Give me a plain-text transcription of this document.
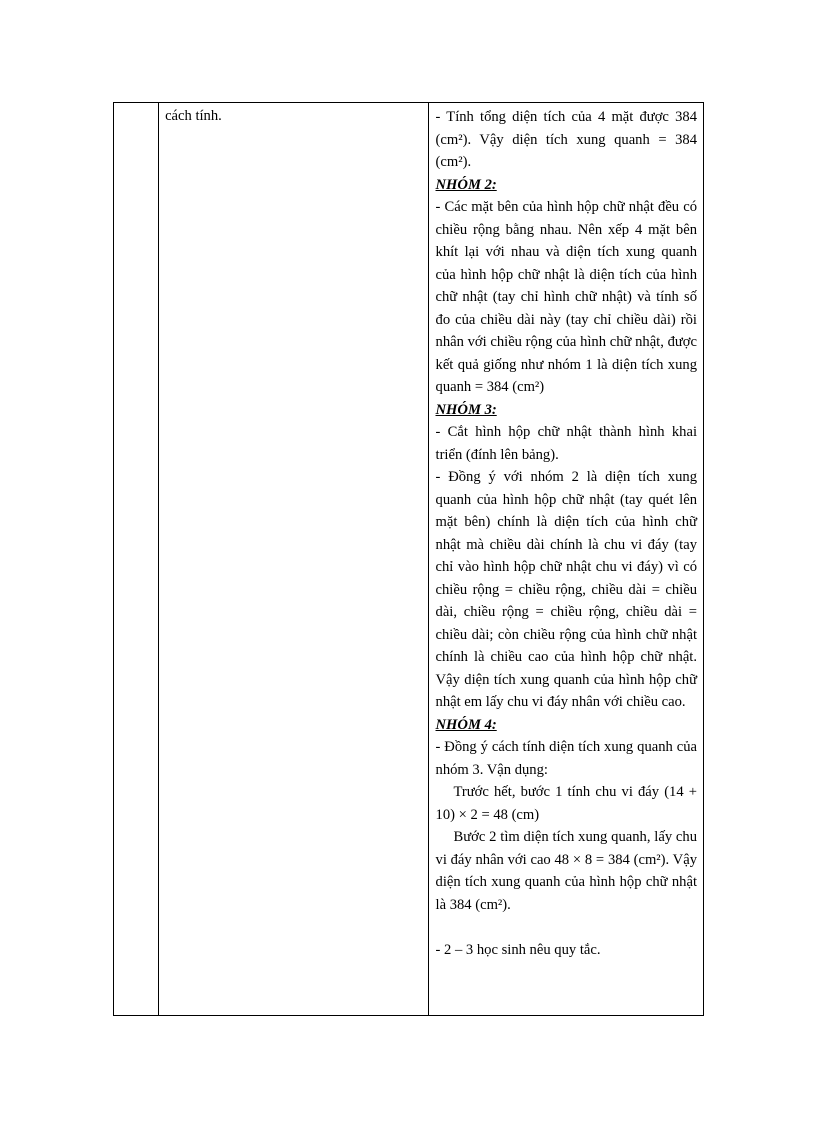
cách tính.	- Tính tổng diện tích của 4 mặt được 384 (cm²). Vậy diện tích xung quanh = 384 (cm²).

NHÓM 2:

- Các mặt bên của hình hộp chữ nhật đều có chiều rộng bằng nhau. Nên xếp 4 mặt bên khít lại với nhau và diện tích xung quanh của hình hộp chữ nhật là diện tích của hình chữ nhật (tay chỉ hình chữ nhật) và tính số đo của chiều dài này (tay chỉ chiều dài) rồi nhân với chiều rộng của hình chữ nhật, được kết quả giống như nhóm 1 là diện tích xung quanh = 384 (cm²)

NHÓM 3:

- Cắt hình hộp chữ nhật thành hình khai triển (đính lên bảng).

- Đồng ý với nhóm 2 là diện tích xung quanh của hình hộp chữ nhật (tay quét lên mặt bên) chính là diện tích của hình chữ nhật mà chiều dài chính là chu vi đáy (tay chỉ vào hình hộp chữ nhật chu vi đáy) vì có chiều rộng = chiều rộng, chiều dài = chiều dài, chiều rộng = chiều rộng, chiều dài = chiều dài; còn chiều rộng của hình chữ nhật chính là chiều cao của hình hộp chữ nhật. Vậy diện tích xung quanh của hình hộp chữ nhật em lấy chu vi đáy nhân với chiều cao.

NHÓM 4:

- Đồng ý cách tính diện tích xung quanh của nhóm 3. Vận dụng:

Trước hết, bước 1 tính chu vi đáy (14 + 10) × 2 = 48 (cm)

Bước 2 tìm diện tích xung quanh, lấy chu vi đáy nhân với cao 48 × 8 = 384 (cm²). Vậy diện tích xung quanh của hình hộp chữ nhật là 384 (cm²).

- 2 – 3 học sinh nêu quy tắc.
